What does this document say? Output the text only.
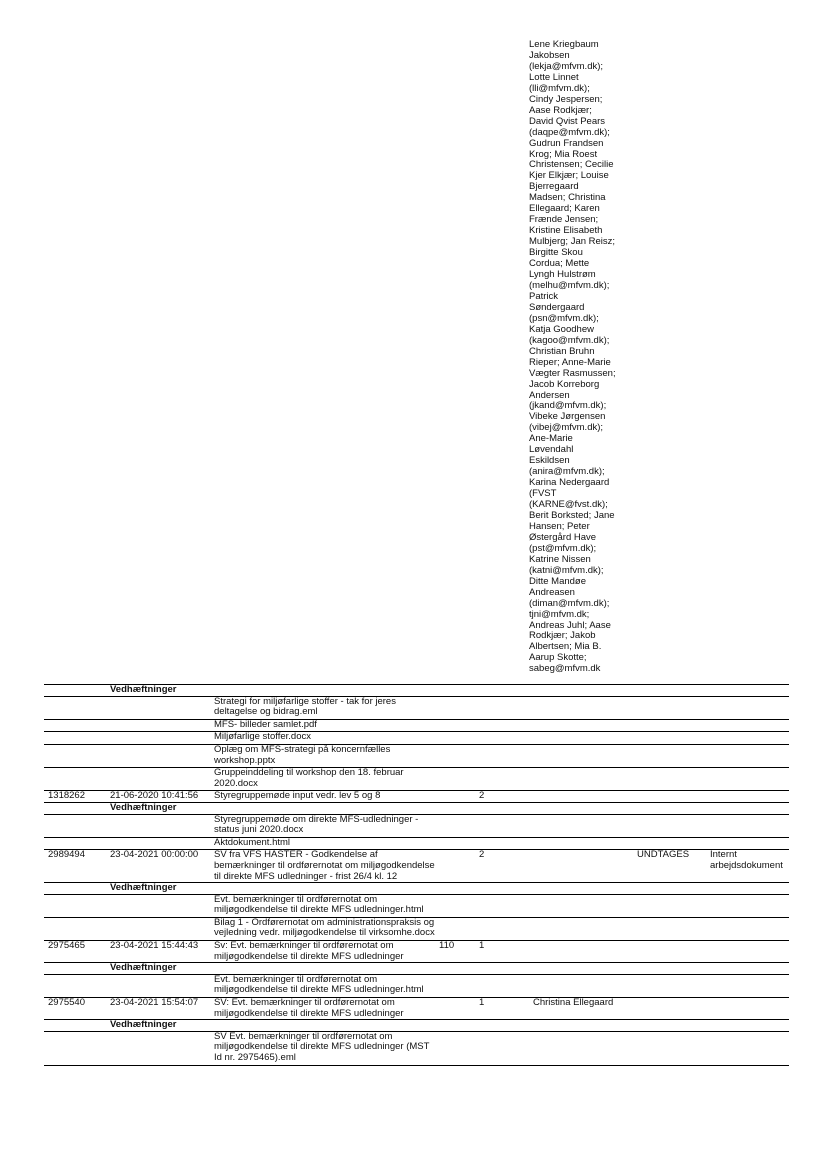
Lene Kriegbaum
Jakobsen
(lekja@mfvm.dk);
Lotte Linnet
(lli@mfvm.dk);
Cindy Jespersen;
Aase Rodkjær;
David Qvist Pears
(daqpe@mfvm.dk);
Gudrun Frandsen
Krog; Mia Roest
Christensen; Cecilie
Kjer Elkjær; Louise
Bjerregaard
Madsen; Christina
Ellegaard; Karen
Frænde Jensen;
Kristine Elisabeth
Mulbjerg; Jan Reisz;
Birgitte Skou
Cordua; Mette
Lyngh Hulstrøm
(melhu@mfvm.dk);
Patrick
Søndergaard
(psn@mfvm.dk);
Katja Goodhew
(kagoo@mfvm.dk);
Christian Bruhn
Rieper; Anne-Marie
Vægter Rasmussen;
Jacob Korreborg
Andersen
(jkand@mfvm.dk);
Vibeke Jørgensen
(vibej@mfvm.dk);
Ane-Marie
Løvendahl
Eskildsen
(anira@mfvm.dk);
Karina Nedergaard
(FVST
(KARNE@fvst.dk);
Berit Borksted; Jane
Hansen; Peter
Østergård Have
(pst@mfvm.dk);
Katrine Nissen
(katni@mfvm.dk);
Ditte Mandøe
Andreasen
(diman@mfvm.dk);
tjni@mfvm.dk;
Andreas Juhl; Aase
Rodkjær; Jakob
Albertsen; Mia B.
Aarup Skotte;
sabeg@mfvm.dk
	Vedhæftninger						
		Strategi for miljøfarlige stoffer - tak for jeres deltagelse og bidrag.eml					
		MFS- billeder samlet.pdf					
		Miljøfarlige stoffer.docx					
		Oplæg om MFS-strategi på koncernfælles workshop.pptx					
		Gruppeinddeling til workshop den 18. februar 2020.docx					
1318262	21-06-2020 10:41:56	Styregruppemøde input vedr. lev 5 og 8		2			
	Vedhæftninger						
		Styregruppemøde om direkte MFS-udledninger - status juni 2020.docx					
		Aktdokument.html					
2989494	23-04-2021 00:00:00	SV fra VFS HASTER - Godkendelse af bemærkninger til ordførernotat om miljøgodkendelse til direkte MFS udledninger - frist 26/4 kl. 12		2		UNDTAGES	Internt arbejdsdokument
	Vedhæftninger						
		Evt. bemærkninger til ordførernotat om miljøgodkendelse til direkte MFS udledninger.html					
		Bilag 1 - Ordførernotat om administrationspraksis og vejledning vedr. miljøgodkendelse til virksomhe.docx					
2975465	23-04-2021 15:44:43	Sv: Evt. bemærkninger til ordførernotat om miljøgodkendelse til direkte MFS udledninger	110	1			
	Vedhæftninger						
		Evt. bemærkninger til ordførernotat om miljøgodkendelse til direkte MFS udledninger.html					
2975540	23-04-2021 15:54:07	SV: Evt. bemærkninger til ordførernotat om miljøgodkendelse til direkte MFS udledninger		1	Christina Ellegaard		
	Vedhæftninger						
		SV Evt. bemærkninger til ordførernotat om miljøgodkendelse til direkte MFS udledninger (MST Id nr. 2975465).eml					
